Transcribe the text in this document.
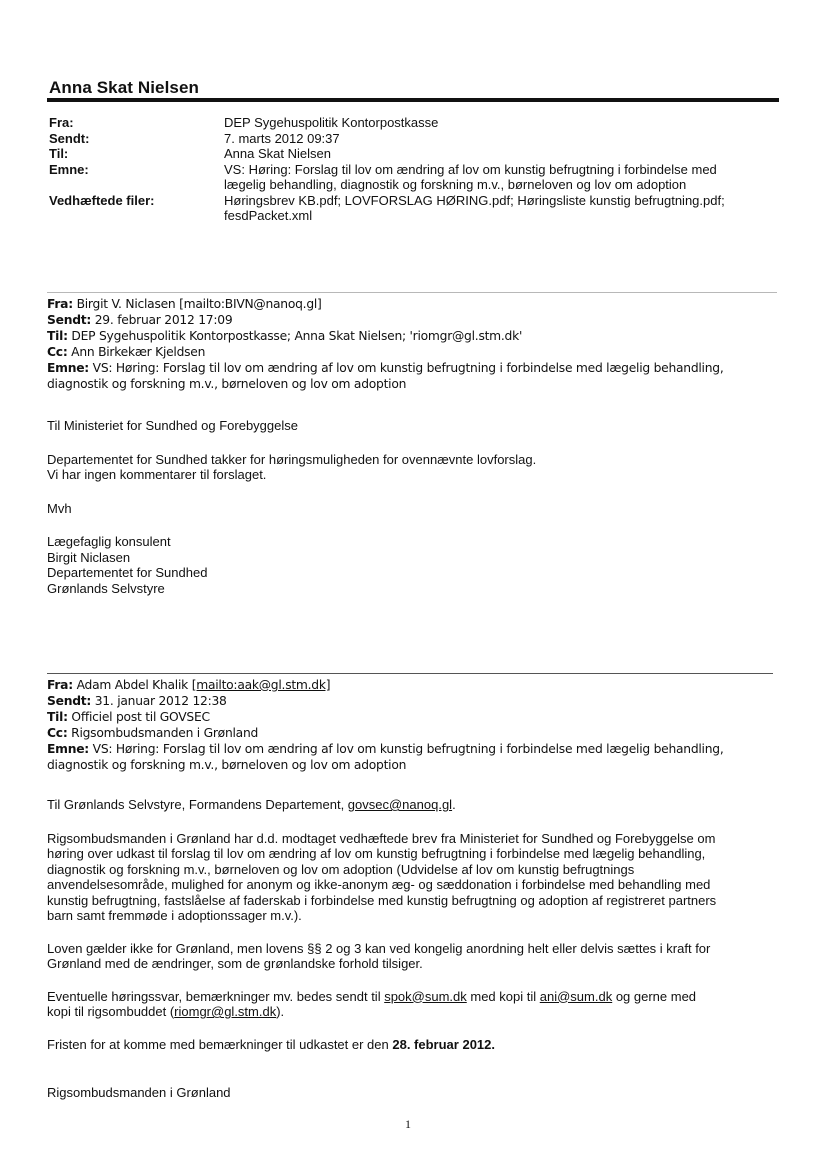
Anna Skat Nielsen
Fra:	DEP Sygehuspolitik Kontorpostkasse
Sendt:	7. marts 2012 09:37
Til:	Anna Skat Nielsen
Emne:	VS: Høring: Forslag til lov om ændring af lov om kunstig befrugtning i forbindelse med
lægelig behandling, diagnostik og forskning m.v., børneloven og lov om adoption
Vedhæftede filer:	Høringsbrev KB.pdf; LOVFORSLAG HØRING.pdf; Høringsliste kunstig befrugtning.pdf;
fesdPacket.xml
Fra: Birgit V. Niclasen [mailto:BIVN@nanoq.gl]
Sendt: 29. februar 2012 17:09
Til: DEP Sygehuspolitik Kontorpostkasse; Anna Skat Nielsen; 'riomgr@gl.stm.dk'
Cc: Ann Birkekær Kjeldsen
Emne: VS: Høring: Forslag til lov om ændring af lov om kunstig befrugtning i forbindelse med lægelig behandling,
diagnostik og forskning m.v., børneloven og lov om adoption

Til Ministeriet for Sundhed og Forebyggelse

Departementet for Sundhed takker for høringsmuligheden for ovennævnte lovforslag.

Vi har ingen kommentarer til forslaget.

Mvh

Lægefaglig konsulent

Birgit Niclasen

Departementet for Sundhed

Grønlands Selvstyre

Fra: Adam Abdel Khalik [mailto:aak@gl.stm.dk]
Sendt: 31. januar 2012 12:38
Til: Officiel post til GOVSEC
Cc: Rigsombudsmanden i Grønland
Emne: VS: Høring: Forslag til lov om ændring af lov om kunstig befrugtning i forbindelse med lægelig behandling,
diagnostik og forskning m.v., børneloven og lov om adoption

Til Grønlands Selvstyre, Formandens Departement, govsec@nanoq.gl.

Rigsombudsmanden i Grønland har d.d. modtaget vedhæftede brev fra Ministeriet for Sundhed og Forebyggelse om

høring over udkast til forslag til lov om ændring af lov om kunstig befrugtning i forbindelse med lægelig behandling,

diagnostik og forskning m.v., børneloven og lov om adoption (Udvidelse af lov om kunstig befrugtnings

anvendelsesområde, mulighed for anonym og ikke-anonym æg- og sæddonation i forbindelse med behandling med

kunstig befrugtning, fastslåelse af faderskab i forbindelse med kunstig befrugtning og adoption af registreret partners

barn samt fremmøde i adoptionssager m.v.).

Loven gælder ikke for Grønland, men lovens §§ 2 og 3 kan ved kongelig anordning helt eller delvis sættes i kraft for

Grønland med de ændringer, som de grønlandske forhold tilsiger.

Eventuelle høringssvar, bemærkninger mv. bedes sendt til spok@sum.dk med kopi til ani@sum.dk og gerne med

kopi til rigsombuddet (riomgr@gl.stm.dk).

Fristen for at komme med bemærkninger til udkastet er den 28. februar 2012.

Rigsombudsmanden i Grønland

1
